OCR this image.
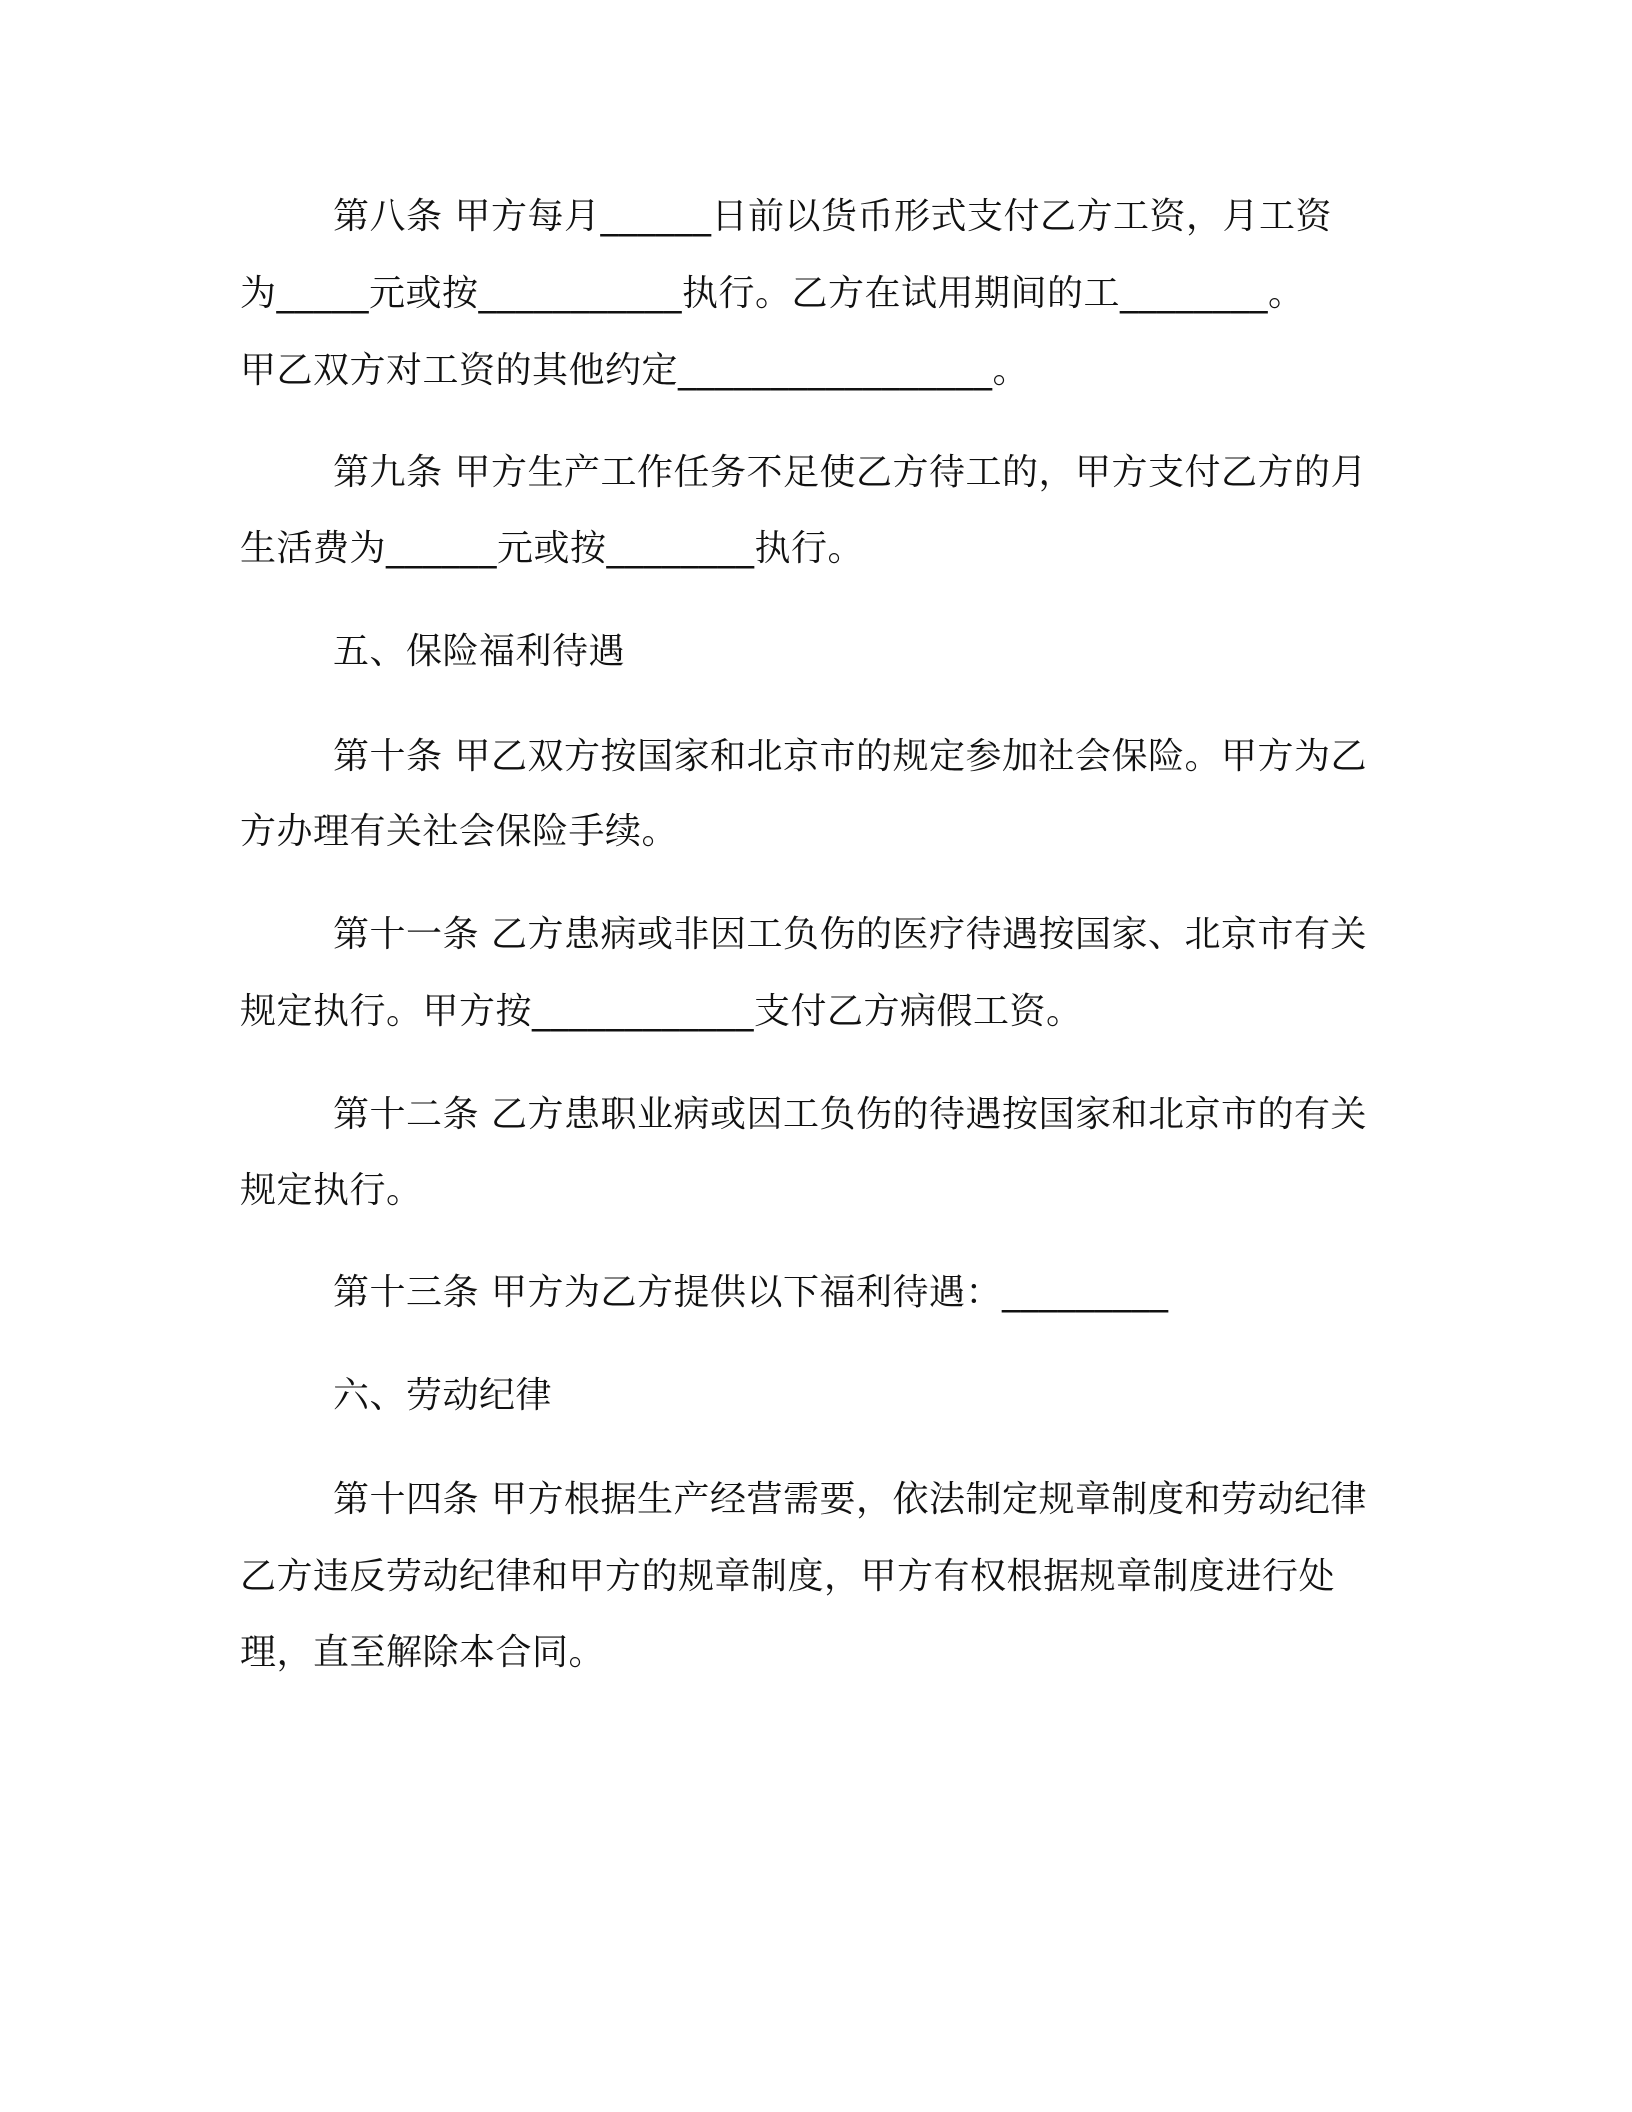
第八条 甲方每月______日前以货币形式支付乙方工资，月工资
为_____元或按___________执行。乙方在试用期间的工________。
甲乙双方对工资的其他约定_________________。
第九条 甲方生产工作任务不足使乙方待工的，甲方支付乙方的月
生活费为______元或按________执行。
五、保险福利待遇
第十条 甲乙双方按国家和北京市的规定参加社会保险。甲方为乙
方办理有关社会保险手续。
第十一条 乙方患病或非因工负伤的医疗待遇按国家、北京市有关
规定执行。甲方按____________支付乙方病假工资。
第十二条 乙方患职业病或因工负伤的待遇按国家和北京市的有关
规定执行。
第十三条 甲方为乙方提供以下福利待遇：_________
六、劳动纪律
第十四条 甲方根据生产经营需要，依法制定规章制度和劳动纪律
乙方违反劳动纪律和甲方的规章制度，甲方有权根据规章制度进行处
理，直至解除本合同。
